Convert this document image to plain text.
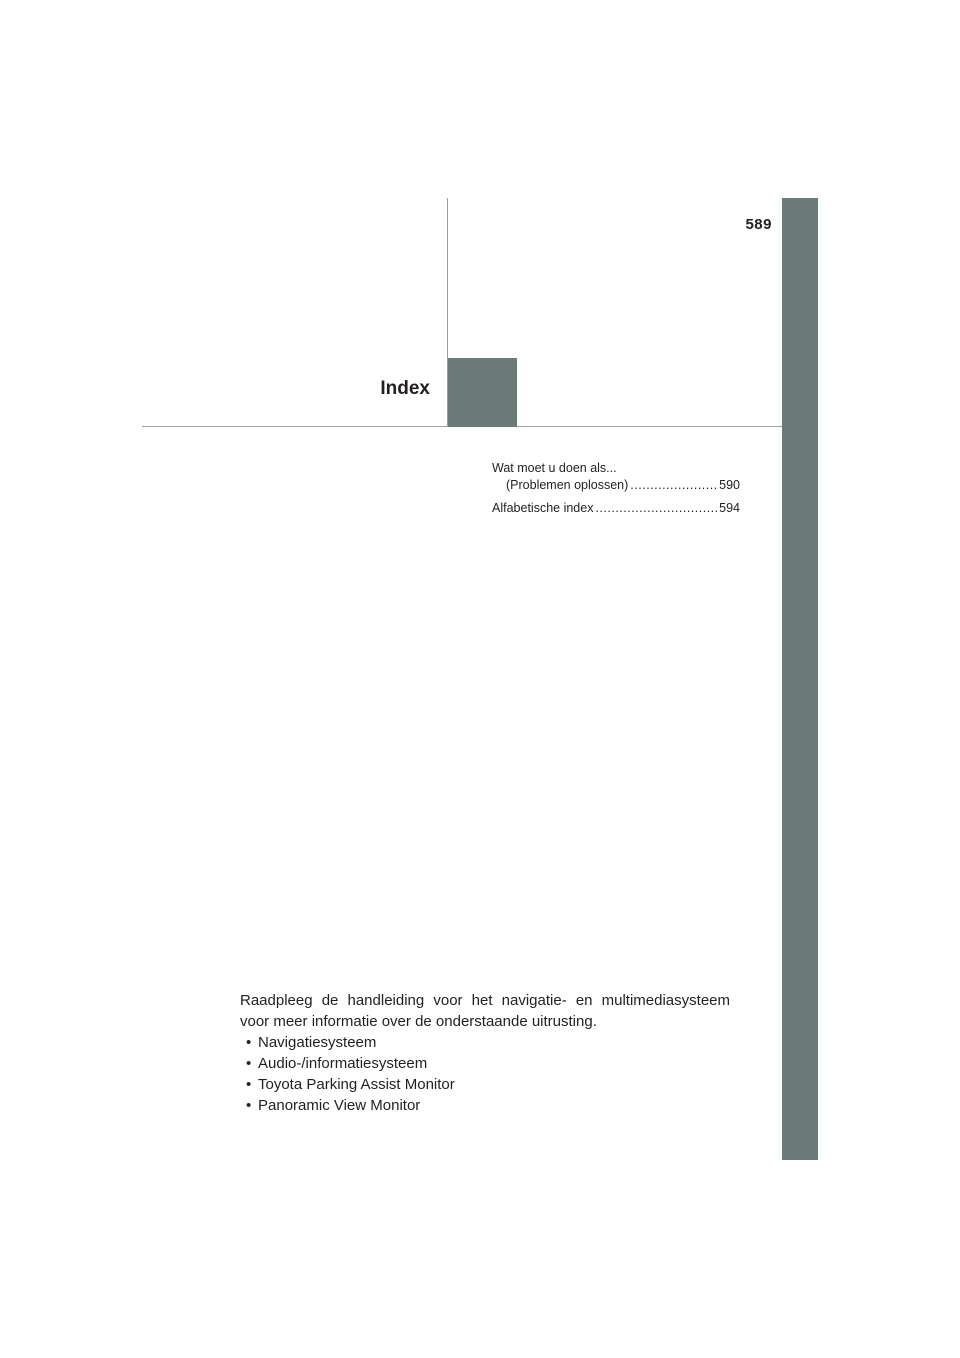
589
Index
Wat moet u doen als...
(Problemen oplossen) .....	590
Alfabetische index .....	594

Raadpleeg de handleiding voor het navigatie- en multimediasysteem

voor meer informatie over de onderstaande uitrusting.

• Navigatiesysteem
• Audio-/informatiesysteem
• Toyota Parking Assist Monitor
• Panoramic View Monitor
